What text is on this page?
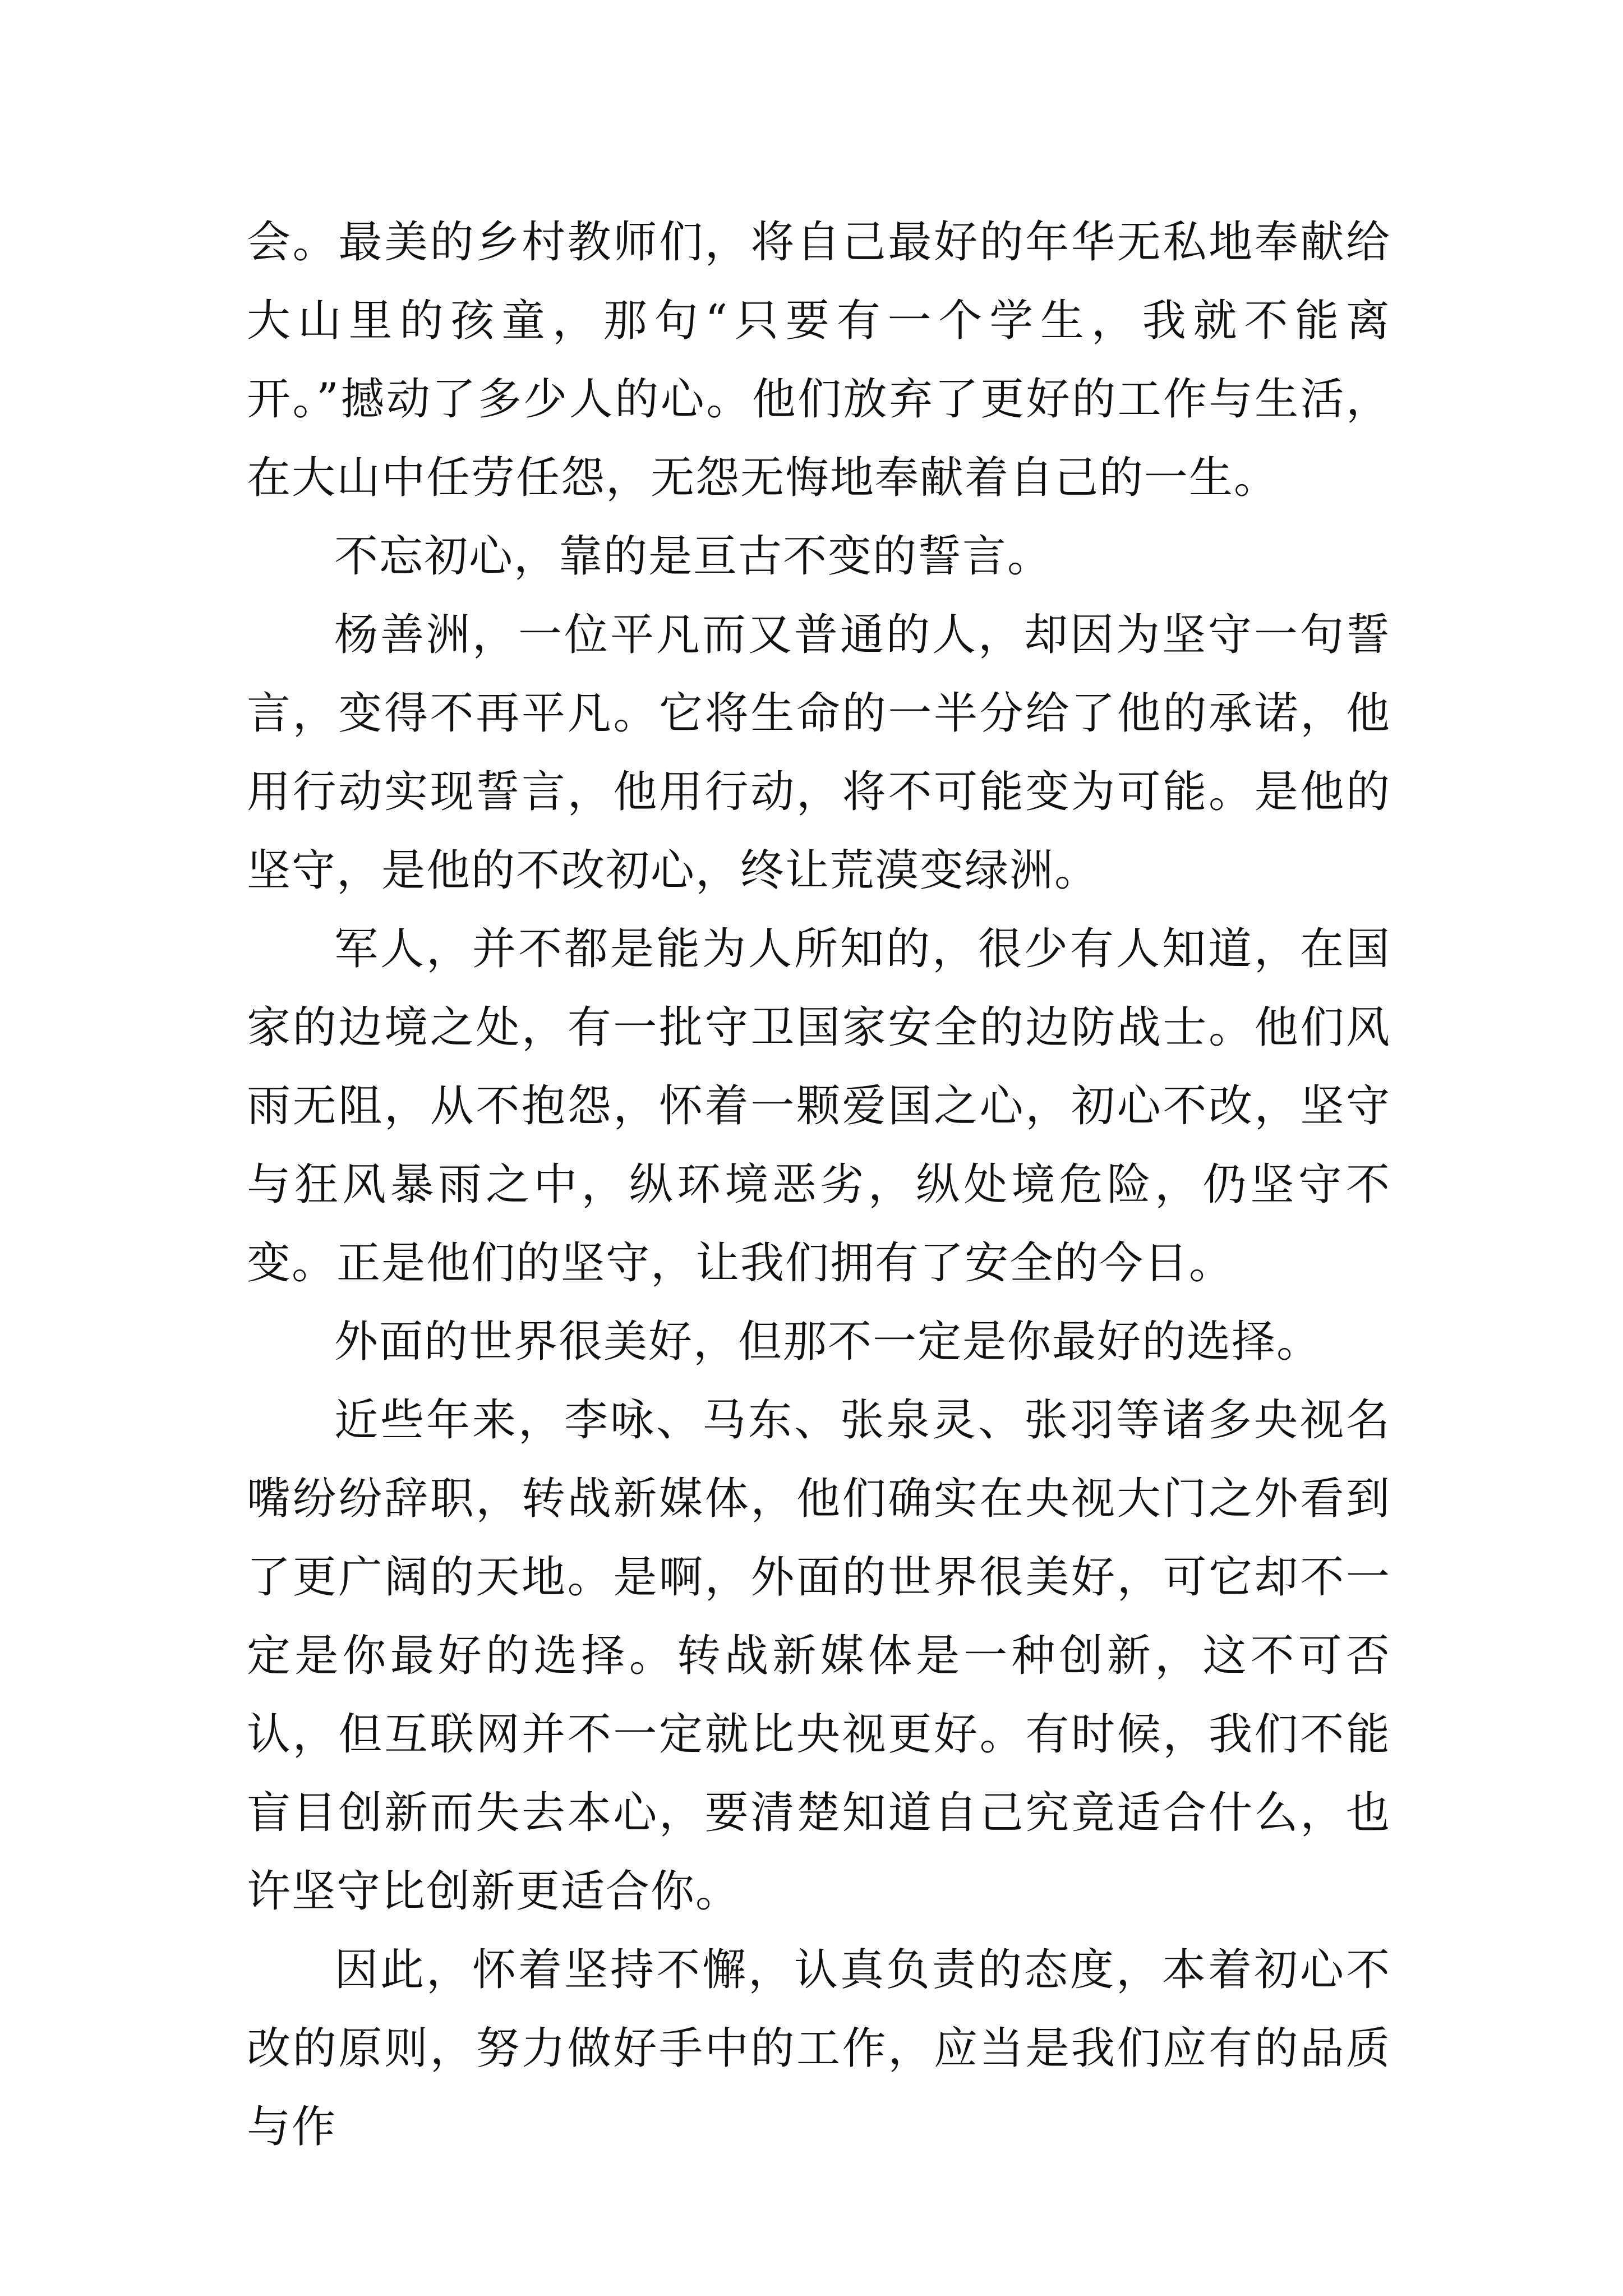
会。最美的乡村教师们，将自己最好的年华无私地奉献给大山里的孩童，那句“只要有一个学生，我就不能离开。”撼动了多少人的心。他们放弃了更好的工作与生活，在大山中任劳任怨，无怨无悔地奉献着自己的一生。

不忘初心，靠的是亘古不变的誓言。

杨善洲，一位平凡而又普通的人，却因为坚守一句誓言，变得不再平凡。它将生命的一半分给了他的承诺，他用行动实现誓言，他用行动，将不可能变为可能。是他的坚守，是他的不改初心，终让荒漠变绿洲。

军人，并不都是能为人所知的，很少有人知道，在国家的边境之处，有一批守卫国家安全的边防战士。他们风雨无阻，从不抱怨，怀着一颗爱国之心，初心不改，坚守与狂风暴雨之中，纵环境恶劣，纵处境危险，仍坚守不变。正是他们的坚守，让我们拥有了安全的今日。

外面的世界很美好，但那不一定是你最好的选择。

近些年来，李咏、马东、张泉灵、张羽等诸多央视名嘴纷纷辞职，转战新媒体，他们确实在央视大门之外看到了更广阔的天地。是啊，外面的世界很美好，可它却不一定是你最好的选择。转战新媒体是一种创新，这不可否认，但互联网并不一定就比央视更好。有时候，我们不能盲目创新而失去本心，要清楚知道自己究竟适合什么，也许坚守比创新更适合你。

因此，怀着坚持不懈，认真负责的态度，本着初心不改的原则，努力做好手中的工作，应当是我们应有的品质与作
